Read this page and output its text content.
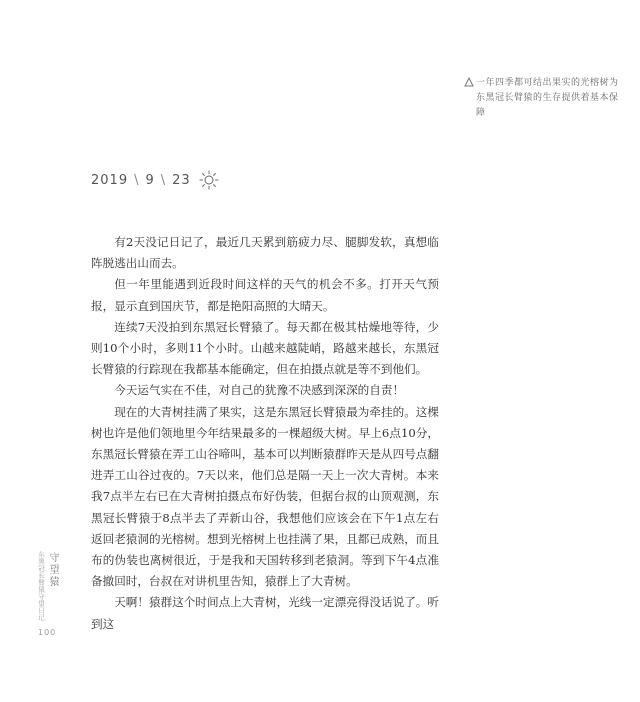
一年四季都可结出果实的光榕树为东黑冠长臂猿的生存提供着基本保障
2019 \ 9 \ 23

有2天没记日记了，最近几天累到筋疲力尽、腿脚发软，真想临阵脱逃出山而去。

但一年里能遇到近段时间这样的天气的机会不多。打开天气预报，显示直到国庆节，都是艳阳高照的大晴天。

连续7天没拍到东黑冠长臂猿了。每天都在极其枯燥地等待，少则10个小时，多则11个小时。山越来越陡峭，路越来越长，东黑冠长臂猿的行踪现在我都基本能确定，但在拍摄点就是等不到他们。

今天运气实在不佳，对自己的犹豫不决感到深深的自责！

现在的大青树挂满了果实，这是东黑冠长臂猿最为牵挂的。这棵树也许是他们领地里今年结果最多的一棵超级大树。早上6点10分，东黑冠长臂猿在弄工山谷啼叫，基本可以判断猿群昨天是从四号点翻进弄工山谷过夜的。7天以来，他们总是隔一天上一次大青树。本来我7点半左右已在大青树拍摄点布好伪装，但据台叔的山顶观测，东黑冠长臂猿于8点半去了弄新山谷，我想他们应该会在下午1点左右返回老猿洞的光榕树。想到光榕树上也挂满了果，且都已成熟，而且布的伪装也离树很近，于是我和天国转移到老猿洞。等到下午4点准备撤回时，台叔在对讲机里告知，猿群上了大青树。

天啊！猿群这个时间点上大青树，光线一定漂亮得没话说了。听到这

守望猿
东黑冠长臂猿守望日记
100
